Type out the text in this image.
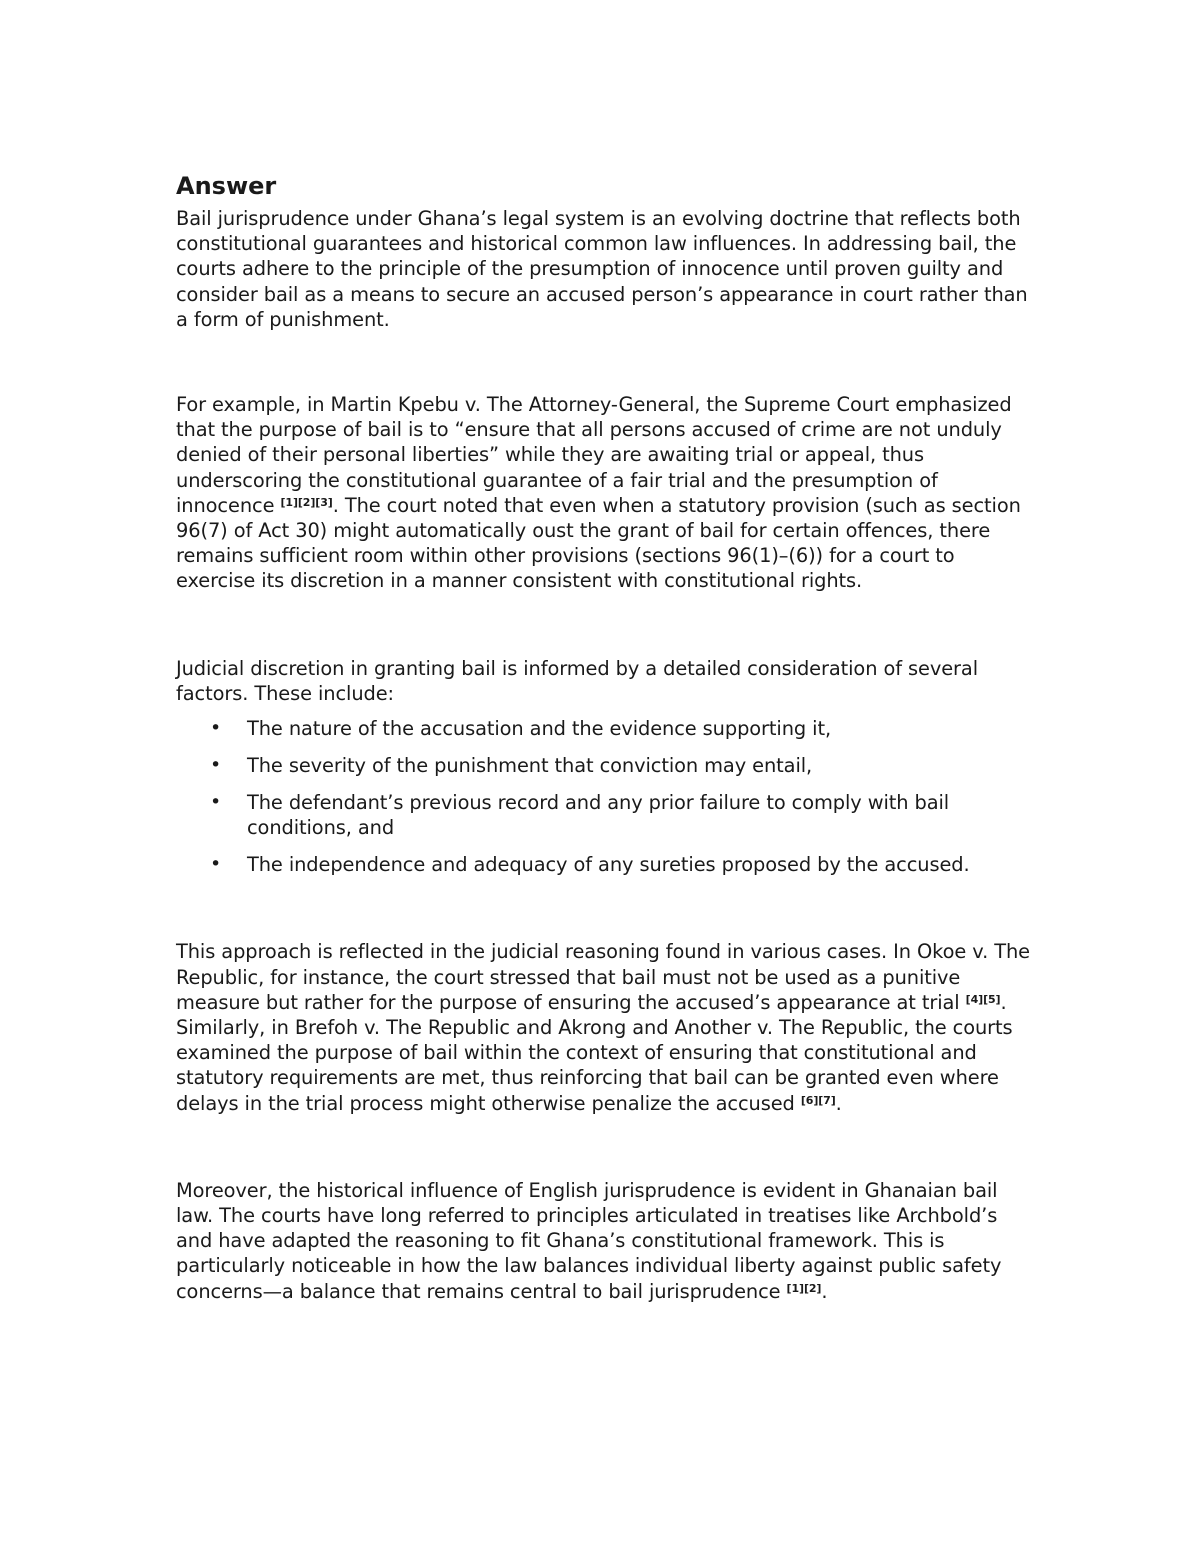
Answer

Bail jurisprudence under Ghana’s legal system is an evolving doctrine that reflects both constitutional guarantees and historical common law influences. In addressing bail, the courts adhere to the principle of the presumption of innocence until proven guilty and consider bail as a means to secure an accused person’s appearance in court rather than a form of punishment.

For example, in Martin Kpebu v. The Attorney-General, the Supreme Court emphasized that the purpose of bail is to “ensure that all persons accused of crime are not unduly denied of their personal liberties” while they are awaiting trial or appeal, thus underscoring the constitutional guarantee of a fair trial and the presumption of innocence [1][2][3]. The court noted that even when a statutory provision (such as section 96(7) of Act 30) might automatically oust the grant of bail for certain offences, there remains sufficient room within other provisions (sections 96(1)–(6)) for a court to exercise its discretion in a manner consistent with constitutional rights.

Judicial discretion in granting bail is informed by a detailed consideration of several factors. These include:

• The nature of the accusation and the evidence supporting it,
• The severity of the punishment that conviction may entail,
• The defendant’s previous record and any prior failure to comply with bail conditions, and
• The independence and adequacy of any sureties proposed by the accused.

This approach is reflected in the judicial reasoning found in various cases. In Okoe v. The Republic, for instance, the court stressed that bail must not be used as a punitive measure but rather for the purpose of ensuring the accused’s appearance at trial [4][5]. Similarly, in Brefoh v. The Republic and Akrong and Another v. The Republic, the courts examined the purpose of bail within the context of ensuring that constitutional and statutory requirements are met, thus reinforcing that bail can be granted even where delays in the trial process might otherwise penalize the accused [6][7].

Moreover, the historical influence of English jurisprudence is evident in Ghanaian bail law. The courts have long referred to principles articulated in treatises like Archbold’s and have adapted the reasoning to fit Ghana’s constitutional framework. This is particularly noticeable in how the law balances individual liberty against public safety concerns—a balance that remains central to bail jurisprudence [1][2].
